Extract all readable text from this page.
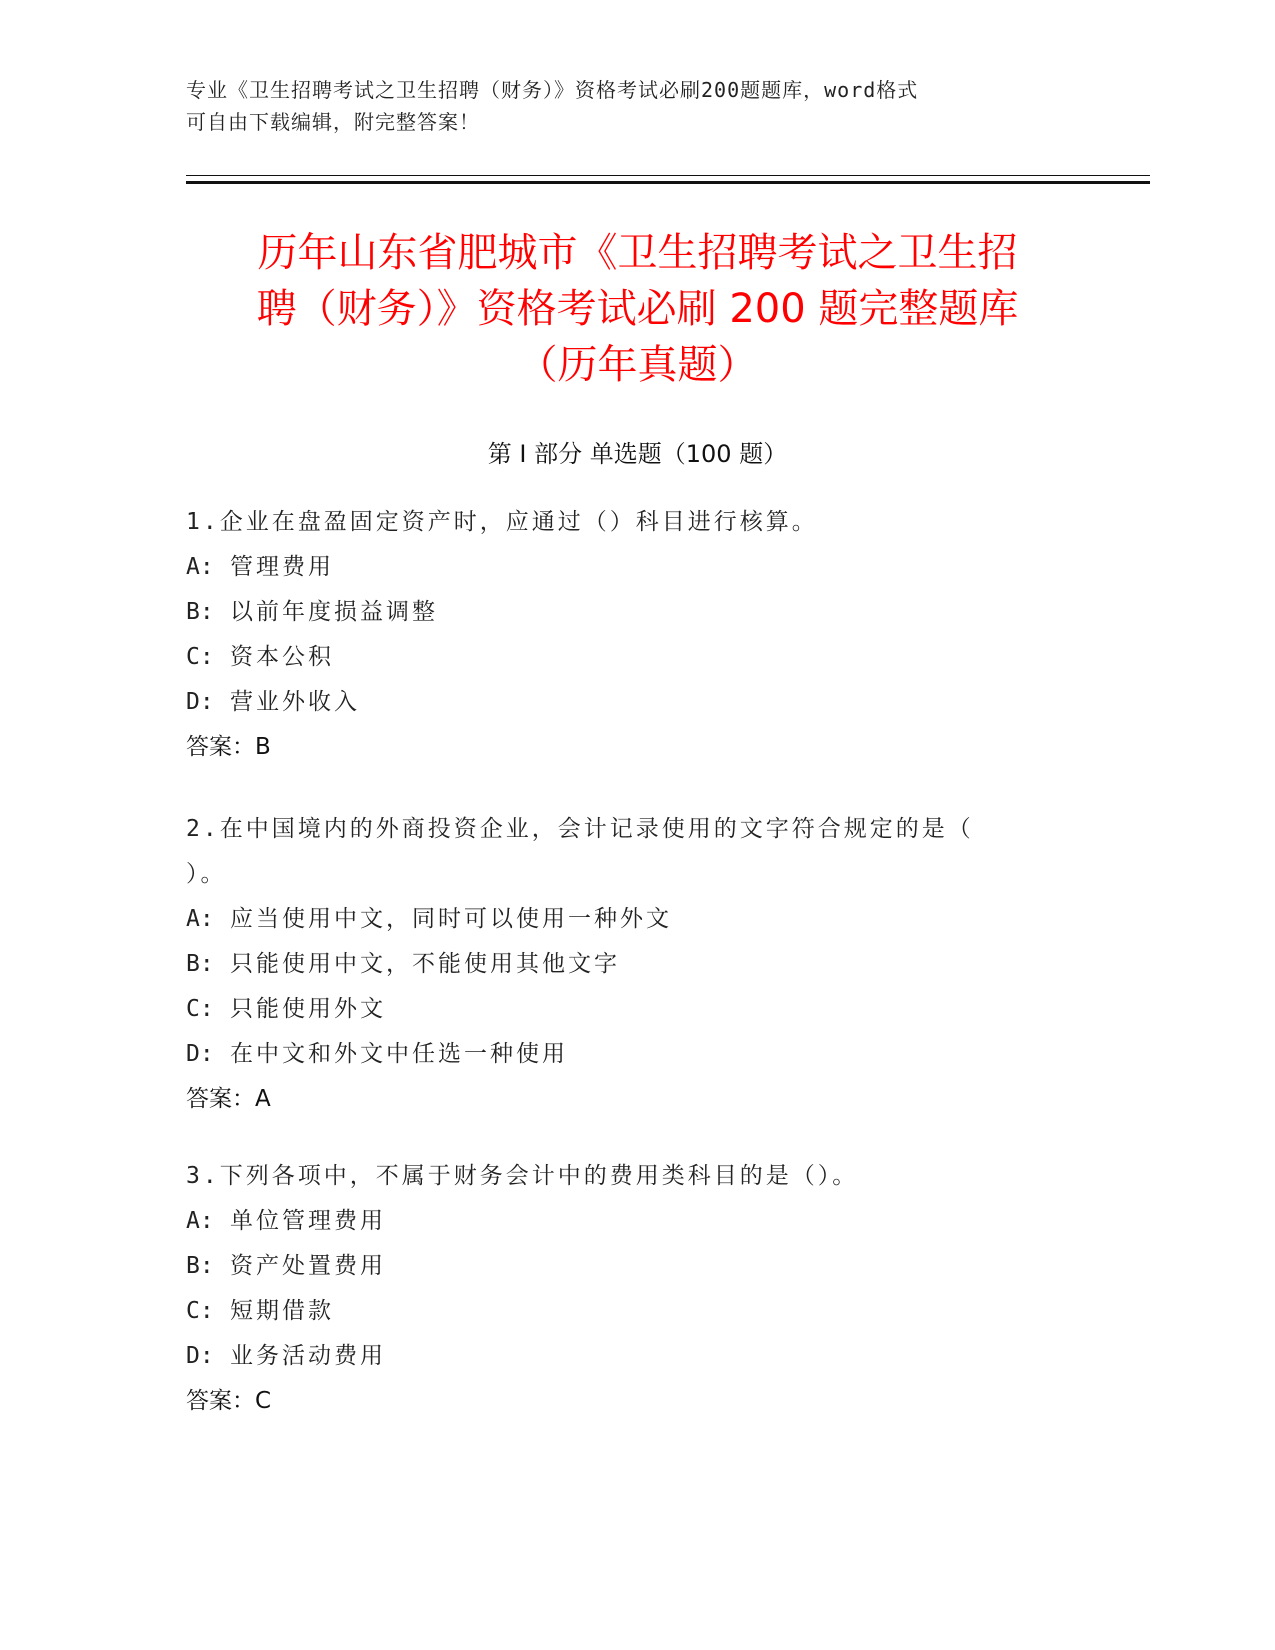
专业《卫生招聘考试之卫生招聘（财务）》资格考试必刷200题题库，word格式
可自由下载编辑，附完整答案！
历年山东省肥城市《卫生招聘考试之卫生招
聘（财务）》资格考试必刷 200 题完整题库
（历年真题）
第 I 部分 单选题（100 题）

1.企业在盘盈固定资产时，应通过（）科目进行核算。

A: 管理费用
B: 以前年度损益调整
C: 资本公积
D: 营业外收入

答案：B

2.在中国境内的外商投资企业，会计记录使用的文字符合规定的是（

）。

A: 应当使用中文，同时可以使用一种外文
B: 只能使用中文，不能使用其他文字
C: 只能使用外文
D: 在中文和外文中任选一种使用

答案：A

3.下列各项中，不属于财务会计中的费用类科目的是（）。

A: 单位管理费用
B: 资产处置费用
C: 短期借款
D: 业务活动费用

答案：C
